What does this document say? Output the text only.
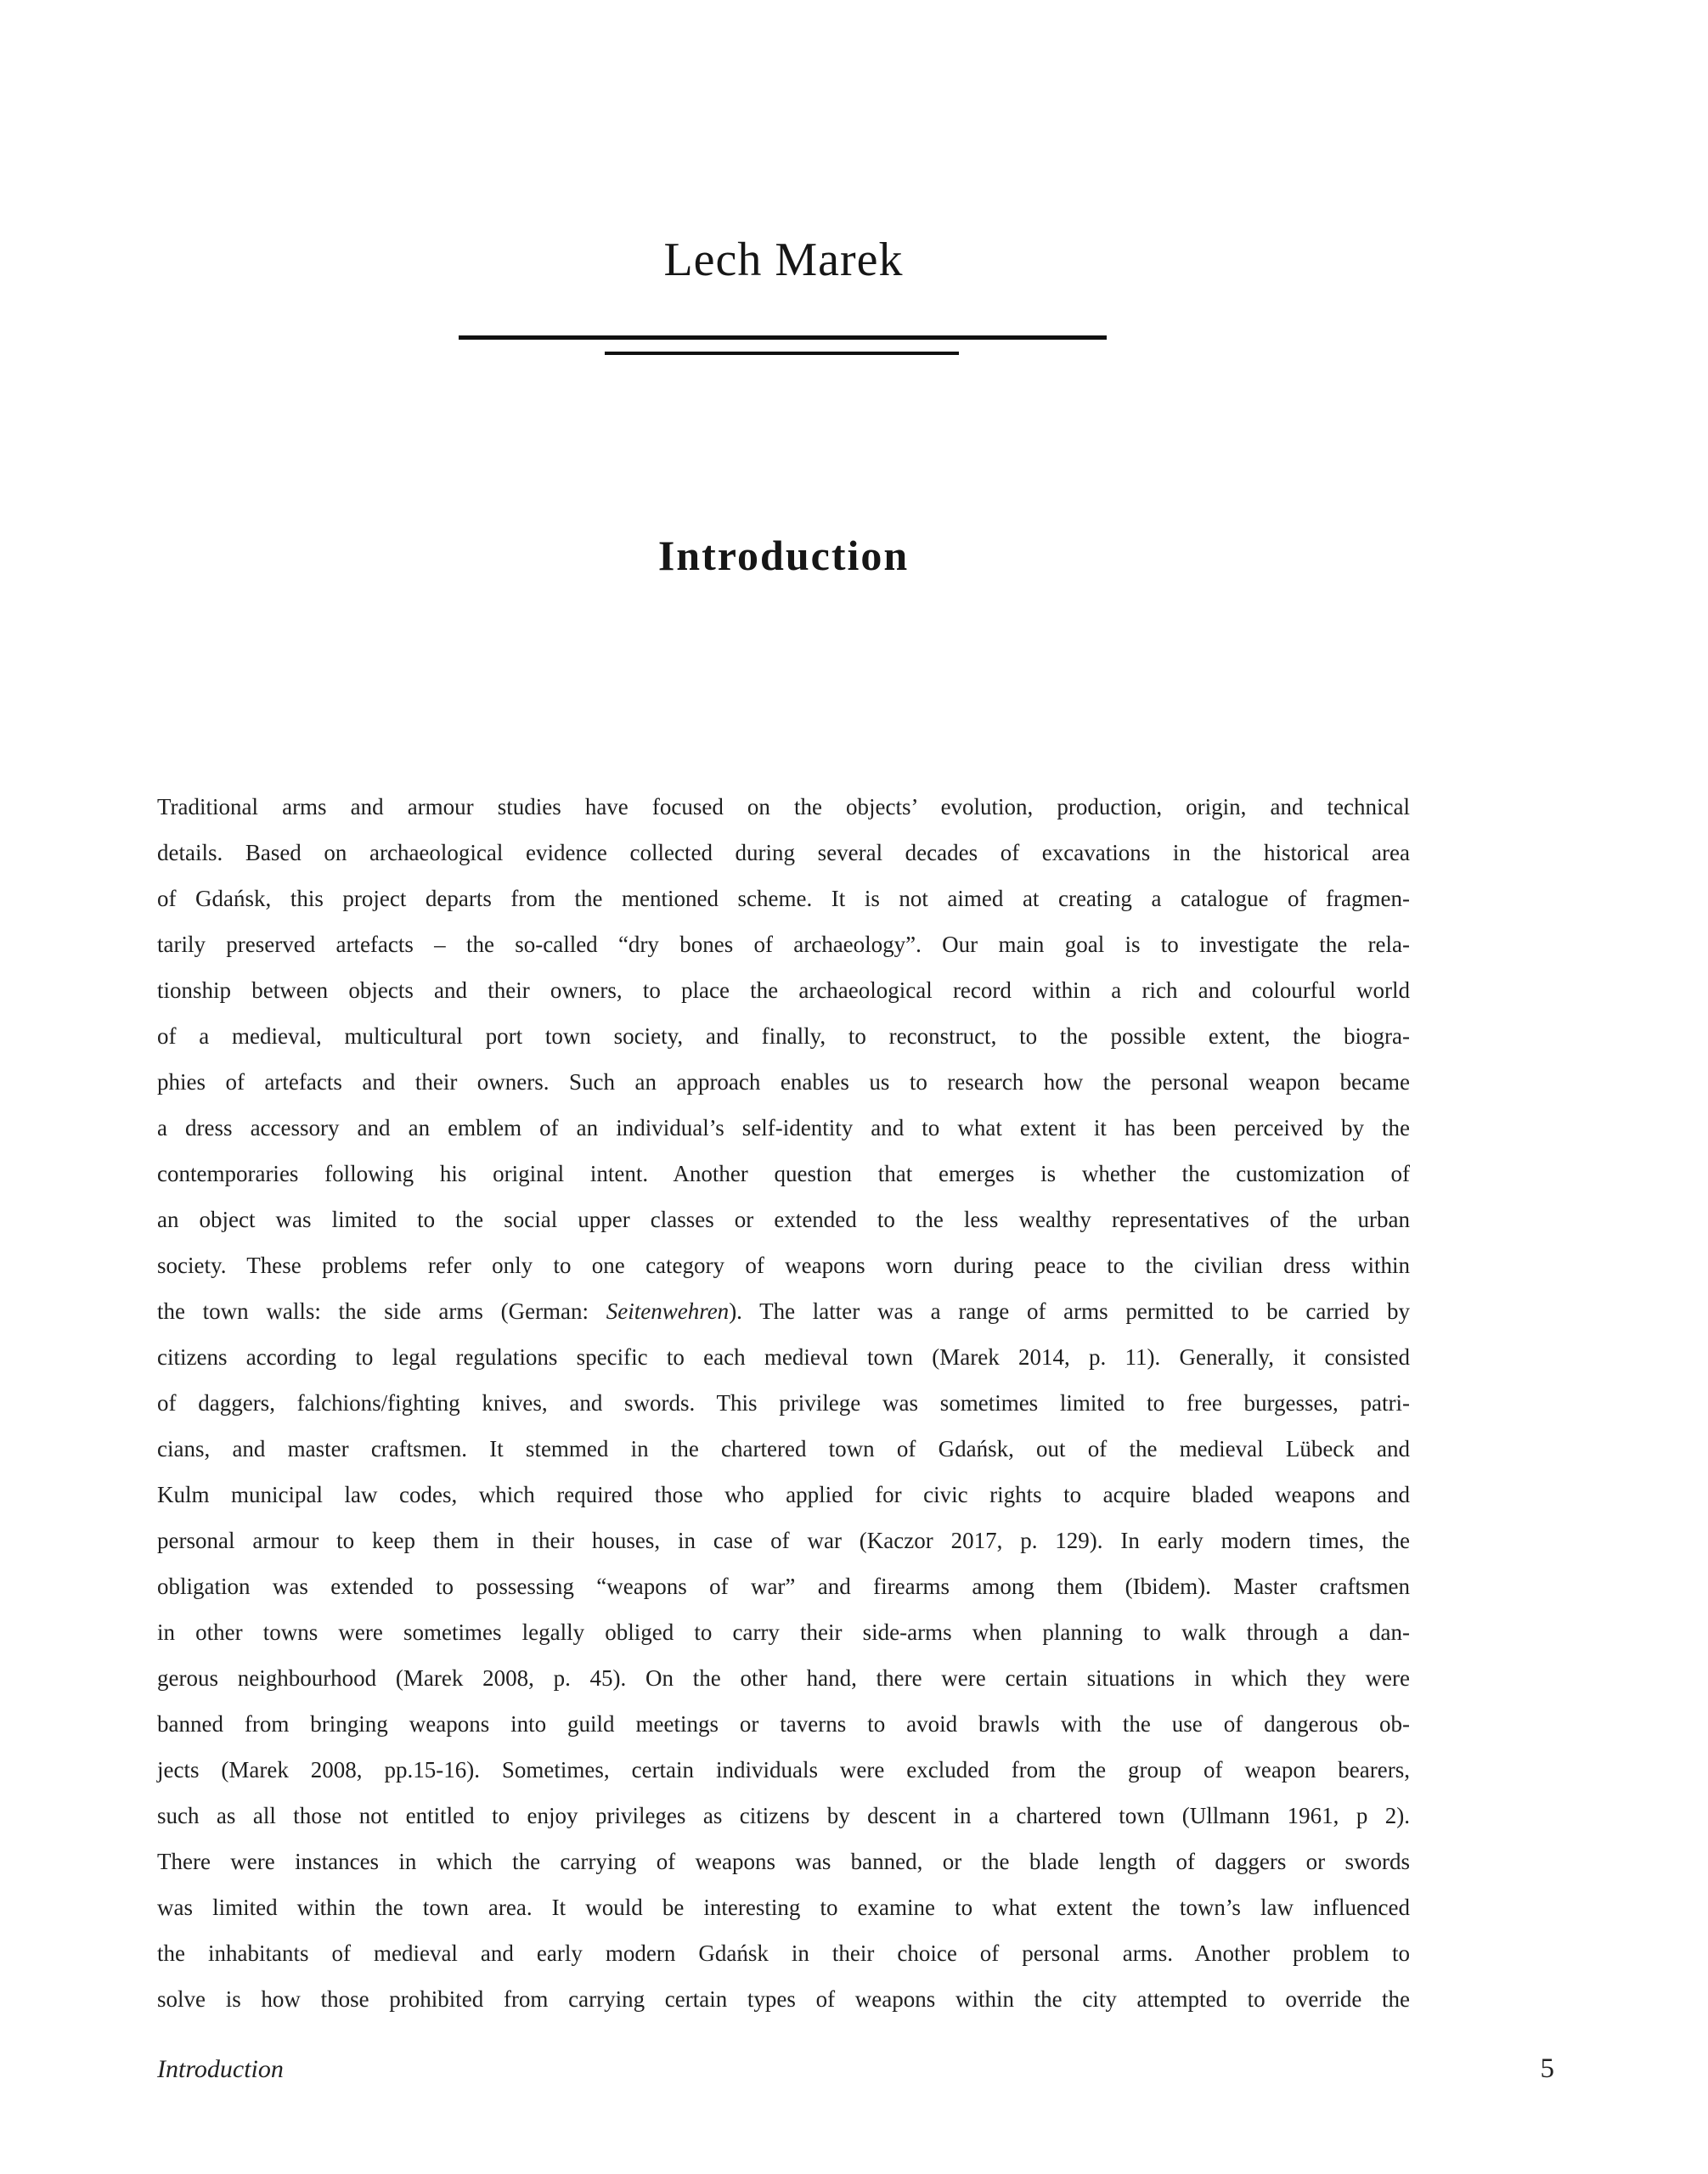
Lech Marek
Introduction
Traditional arms and armour studies have focused on the objects’ evolution, production, origin, and technical
details. Based on archaeological evidence collected during several decades of excavations in the historical area
of Gdańsk, this project departs from the mentioned scheme. It is not aimed at creating a catalogue of fragmen-
tarily preserved artefacts – the so-called “dry bones of archaeology”. Our main goal is to investigate the rela-
tionship between objects and their owners, to place the archaeological record within a rich and colourful world
of a medieval, multicultural port town society, and finally, to reconstruct, to the possible extent, the biogra-
phies of artefacts and their owners. Such an approach enables us to research how the personal weapon became
a dress accessory and an emblem of an individual’s self-identity and to what extent it has been perceived by the
contemporaries following his original intent. Another question that emerges is whether the customization of
an object was limited to the social upper classes or extended to the less wealthy representatives of the urban
society. These problems refer only to one category of weapons worn during peace to the civilian dress within
the town walls: the side arms (German: Seitenwehren). The latter was a range of arms permitted to be carried by
citizens according to legal regulations specific to each medieval town (Marek 2014, p. 11). Generally, it consisted
of daggers, falchions/fighting knives, and swords. This privilege was sometimes limited to free burgesses, patri-
cians, and master craftsmen. It stemmed in the chartered town of Gdańsk, out of the medieval Lübeck and
Kulm municipal law codes, which required those who applied for civic rights to acquire bladed weapons and
personal armour to keep them in their houses, in case of war (Kaczor 2017, p. 129). In early modern times, the
obligation was extended to possessing “weapons of war” and firearms among them (Ibidem). Master craftsmen
in other towns were sometimes legally obliged to carry their side-arms when planning to walk through a dan-
gerous neighbourhood (Marek 2008, p. 45). On the other hand, there were certain situations in which they were
banned from bringing weapons into guild meetings or taverns to avoid brawls with the use of dangerous ob-
jects (Marek 2008, pp.15-16). Sometimes, certain individuals were excluded from the group of weapon bearers,
such as all those not entitled to enjoy privileges as citizens by descent in a chartered town (Ullmann 1961, p 2).
There were instances in which the carrying of weapons was banned, or the blade length of daggers or swords
was limited within the town area. It would be interesting to examine to what extent the town’s law influenced
the inhabitants of medieval and early modern Gdańsk in their choice of personal arms. Another problem to
solve is how those prohibited from carrying certain types of weapons within the city attempted to override the
Introduction	5
